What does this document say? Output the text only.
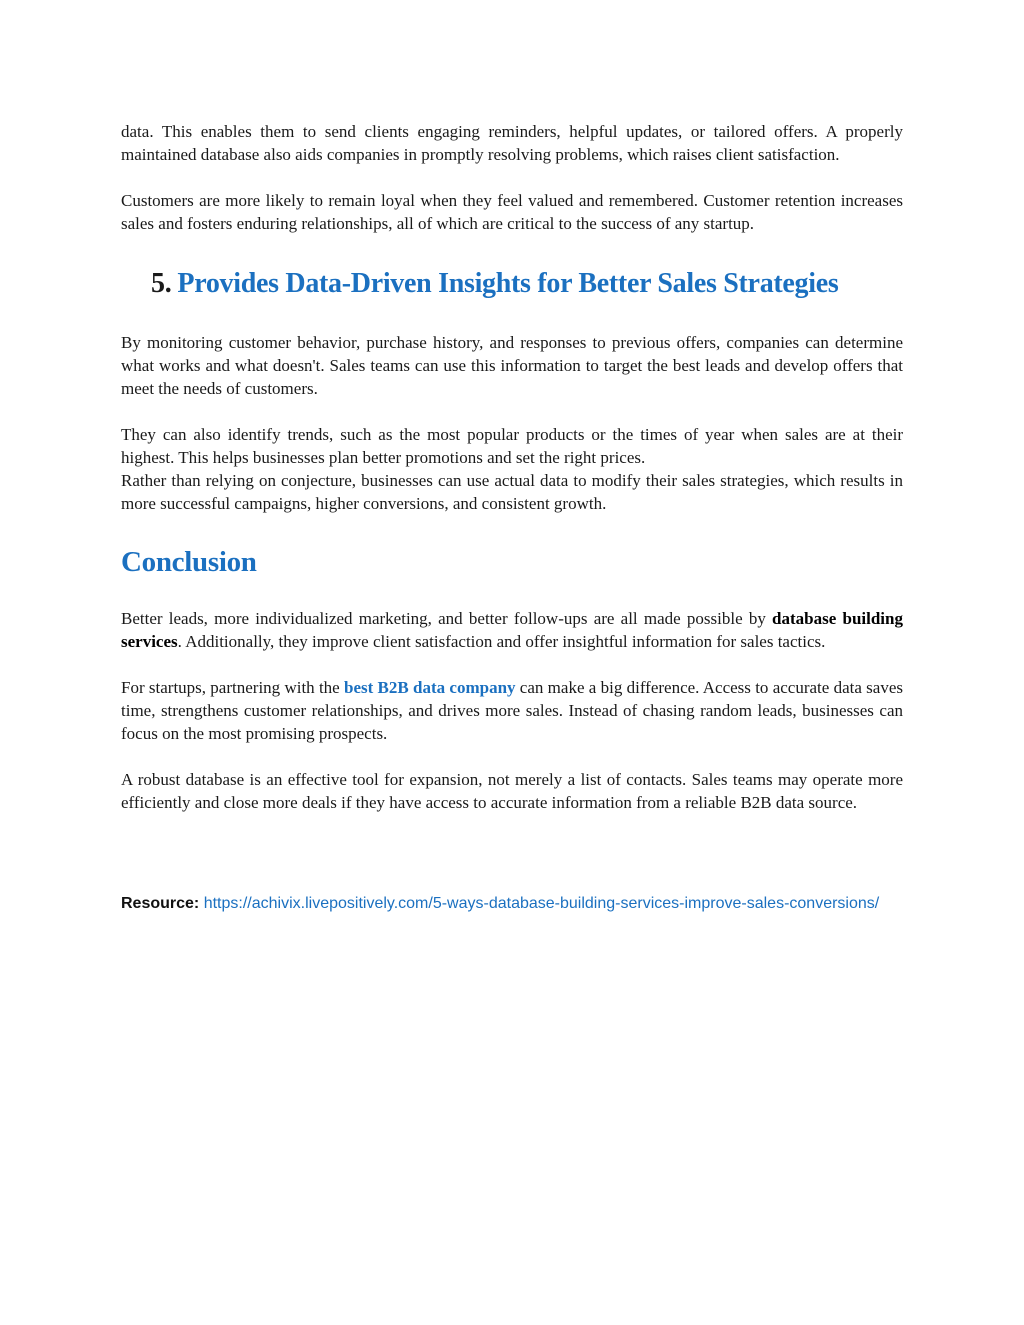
data. This enables them to send clients engaging reminders, helpful updates, or tailored offers. A properly maintained database also aids companies in promptly resolving problems, which raises client satisfaction.

Customers are more likely to remain loyal when they feel valued and remembered. Customer retention increases sales and fosters enduring relationships, all of which are critical to the success of any startup.

5. Provides Data-Driven Insights for Better Sales Strategies

By monitoring customer behavior, purchase history, and responses to previous offers, companies can determine what works and what doesn't. Sales teams can use this information to target the best leads and develop offers that meet the needs of customers.

They can also identify trends, such as the most popular products or the times of year when sales are at their highest. This helps businesses plan better promotions and set the right prices.
Rather than relying on conjecture, businesses can use actual data to modify their sales strategies, which results in more successful campaigns, higher conversions, and consistent growth.

Conclusion

Better leads, more individualized marketing, and better follow-ups are all made possible by database building services. Additionally, they improve client satisfaction and offer insightful information for sales tactics.

For startups, partnering with the best B2B data company can make a big difference. Access to accurate data saves time, strengthens customer relationships, and drives more sales. Instead of chasing random leads, businesses can focus on the most promising prospects.

A robust database is an effective tool for expansion, not merely a list of contacts. Sales teams may operate more efficiently and close more deals if they have access to accurate information from a reliable B2B data source.

Resource: https://achivix.livepositively.com/5-ways-database-building-services-improve-sales-conversions/
